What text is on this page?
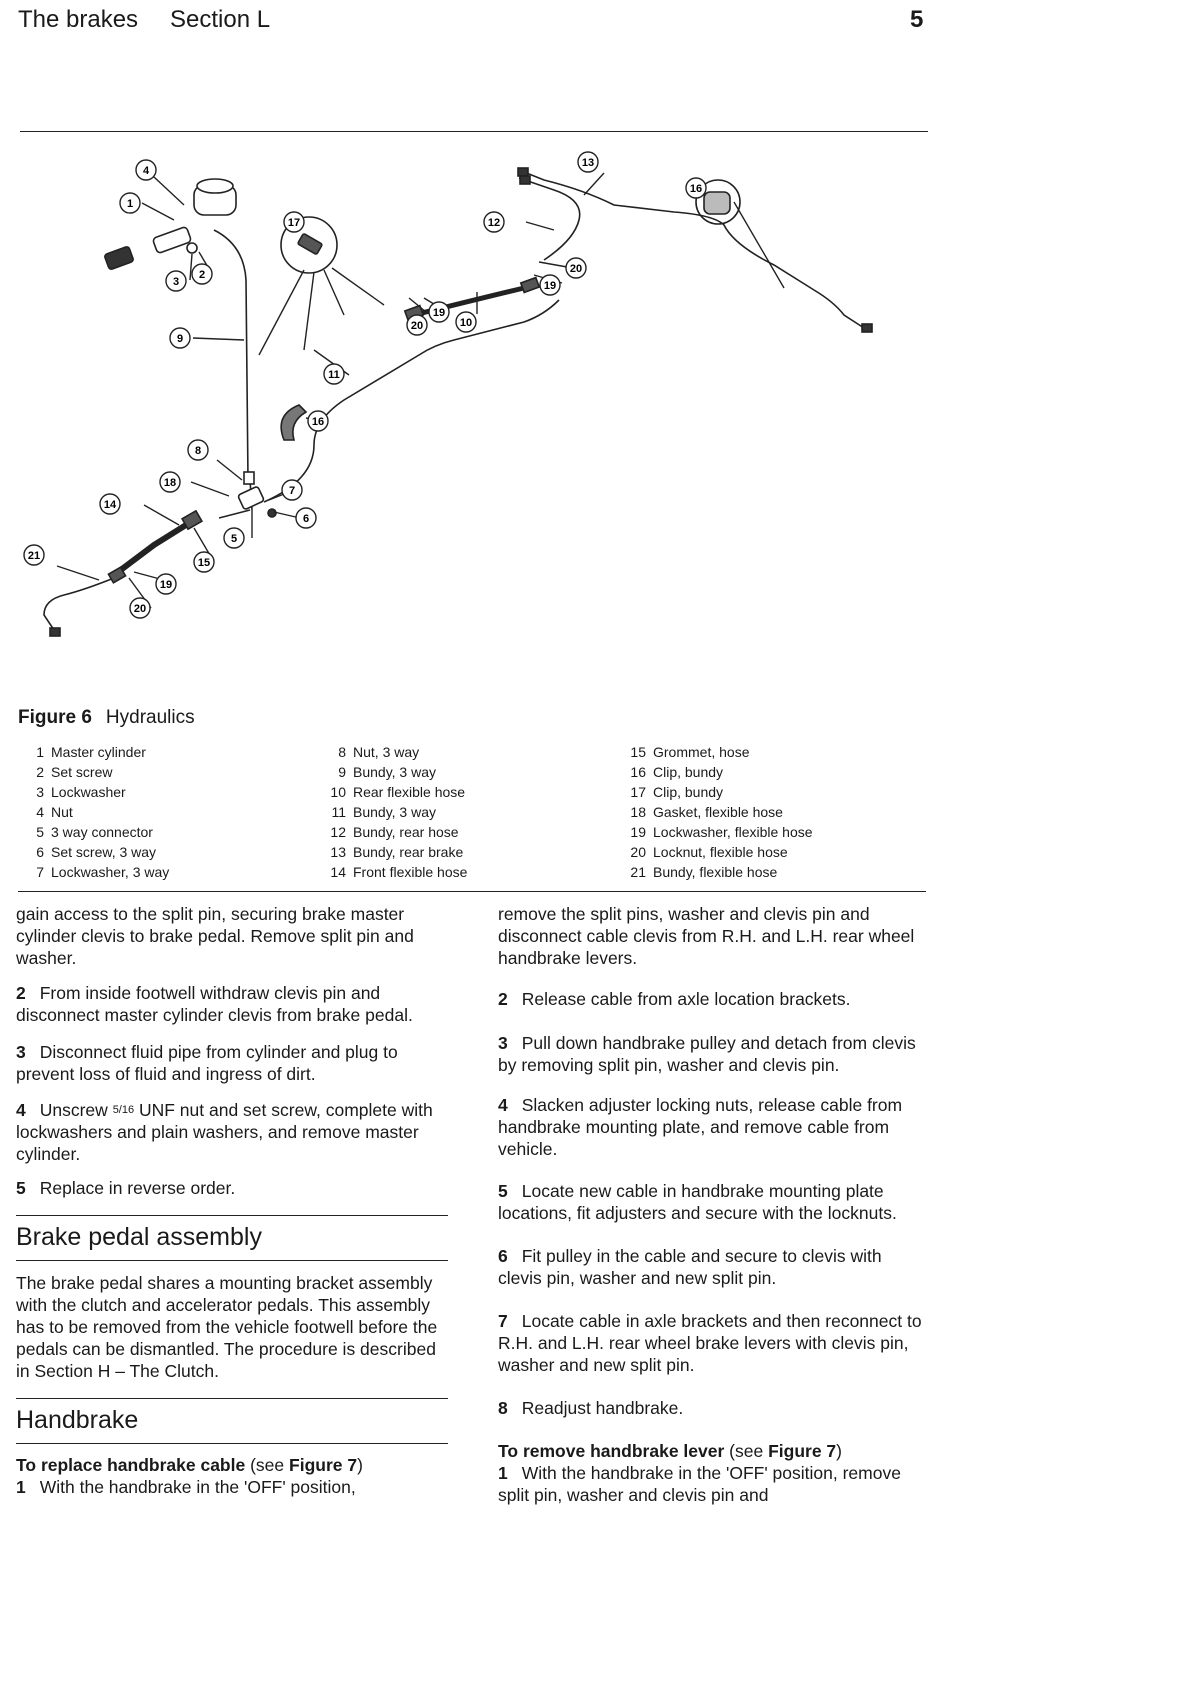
The brakes Section L	5
1
2
3
4
5
6
7
8
9
10
11
12
13
14
15
16
16
17
18
19
19
19
20
20
20
21
Figure 6 Hydraulics
1 Master cylinder
2 Set screw
3 Lockwasher
4 Nut
5 3 way connector
6 Set screw, 3 way
7 Lockwasher, 3 way
8 Nut, 3 way
9 Bundy, 3 way
10 Rear flexible hose
11 Bundy, 3 way
12 Bundy, rear hose
13 Bundy, rear brake
14 Front flexible hose
15 Grommet, hose
16 Clip, bundy
17 Clip, bundy
18 Gasket, flexible hose
19 Lockwasher, flexible hose
20 Locknut, flexible hose
21 Bundy, flexible hose

gain access to the split pin, securing brake master cylinder clevis to brake pedal. Remove split pin and washer.

2 From inside footwell withdraw clevis pin and disconnect master cylinder clevis from brake pedal.

3 Disconnect fluid pipe from cylinder and plug to prevent loss of fluid and ingress of dirt.

4 Unscrew 5/16 UNF nut and set screw, complete with lockwashers and plain washers, and remove master cylinder.

5 Replace in reverse order.

Brake pedal assembly

The brake pedal shares a mounting bracket assembly with the clutch and accelerator pedals. This assembly has to be removed from the vehicle footwell before the pedals can be dismantled. The procedure is described in Section H – The Clutch.

Handbrake

To replace handbrake cable (see Figure 7)

1 With the handbrake in the 'OFF' position,

remove the split pins, washer and clevis pin and disconnect cable clevis from R.H. and L.H. rear wheel handbrake levers.

2 Release cable from axle location brackets.

3 Pull down handbrake pulley and detach from clevis by removing split pin, washer and clevis pin.

4 Slacken adjuster locking nuts, release cable from handbrake mounting plate, and remove cable from vehicle.

5 Locate new cable in handbrake mounting plate locations, fit adjusters and secure with the locknuts.

6 Fit pulley in the cable and secure to clevis with clevis pin, washer and new split pin.

7 Locate cable in axle brackets and then reconnect to R.H. and L.H. rear wheel brake levers with clevis pin, washer and new split pin.

8 Readjust handbrake.

To remove handbrake lever (see Figure 7)

1 With the handbrake in the 'OFF' position, remove split pin, washer and clevis pin and
